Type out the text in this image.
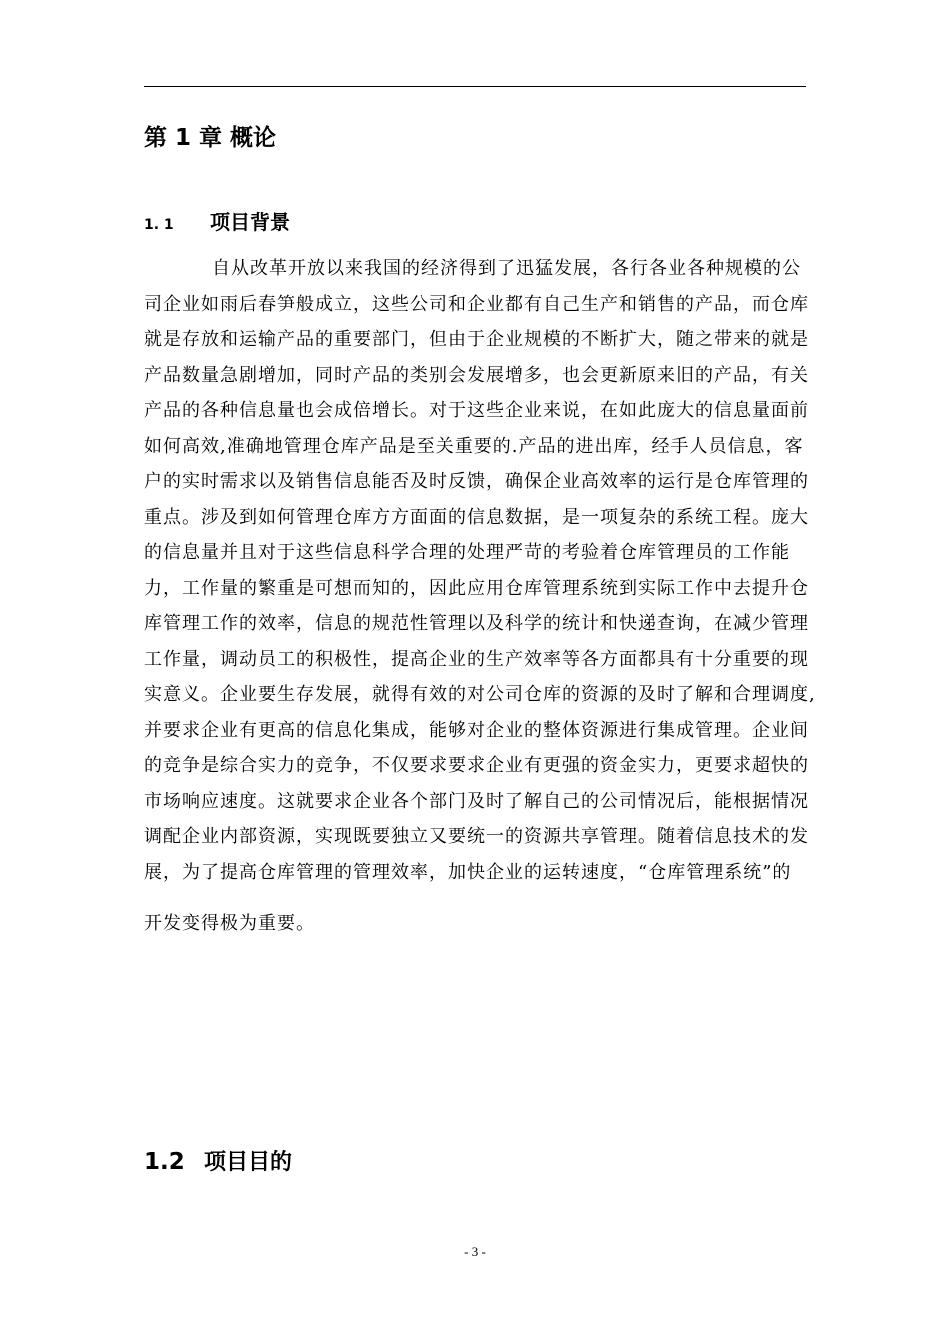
第 1 章 概论
1. 1 项目背景

自从改革开放以来我国的经济得到了迅猛发展，各行各业各种规模的公
司企业如雨后春笋般成立，这些公司和企业都有自己生产和销售的产品，而仓库
就是存放和运输产品的重要部门，但由于企业规模的不断扩大，随之带来的就是
产品数量急剧增加，同时产品的类别会发展增多，也会更新原来旧的产品，有关
产品的各种信息量也会成倍增长。对于这些企业来说，在如此庞大的信息量面前
如何高效,准确地管理仓库产品是至关重要的.产品的进出库，经手人员信息，客
户的实时需求以及销售信息能否及时反馈，确保企业高效率的运行是仓库管理的
重点。涉及到如何管理仓库方方面面的信息数据，是一项复杂的系统工程。庞大
的信息量并且对于这些信息科学合理的处理严苛的考验着仓库管理员的工作能
力，工作量的繁重是可想而知的，因此应用仓库管理系统到实际工作中去提升仓
库管理工作的效率，信息的规范性管理以及科学的统计和快递查询，在减少管理
工作量，调动员工的积极性，提高企业的生产效率等各方面都具有十分重要的现
实意义。企业要生存发展，就得有效的对公司仓库的资源的及时了解和合理调度,
并要求企业有更高的信息化集成，能够对企业的整体资源进行集成管理。企业间
的竞争是综合实力的竞争，不仅要求要求企业有更强的资金实力，更要求超快的
市场响应速度。这就要求企业各个部门及时了解自己的公司情况后，能根据情况
调配企业内部资源，实现既要独立又要统一的资源共享管理。随着信息技术的发
展，为了提高仓库管理的管理效率，加快企业的运转速度，“仓库管理系统”的
开发变得极为重要。

1.2 项目目的
- 3 -
